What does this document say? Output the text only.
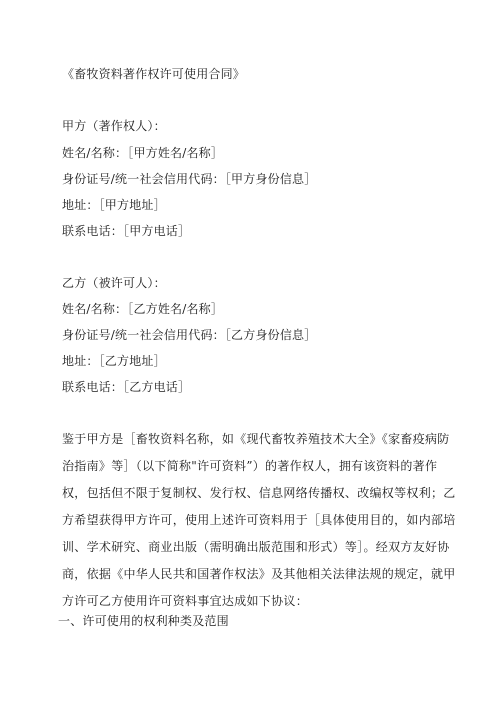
《畜牧资料著作权许可使用合同》
甲方（著作权人）：
姓名/名称：［甲方姓名/名称］
身份证号/统一社会信用代码：［甲方身份信息］
地址：［甲方地址］
联系电话：［甲方电话］
乙方（被许可人）：
姓名/名称：［乙方姓名/名称］
身份证号/统一社会信用代码：［乙方身份信息］
地址：［乙方地址］
联系电话：［乙方电话］
鉴于甲方是［畜牧资料名称，如《现代畜牧养殖技术大全》《家畜疫病防
治指南》等］（以下简称"许可资料”）的著作权人，拥有该资料的著作
权，包括但不限于复制权、发行权、信息网络传播权、改编权等权利；乙
方希望获得甲方许可，使用上述许可资料用于［具体使用目的，如内部培
训、学术研究、商业出版（需明确出版范围和形式）等］。经双方友好协
商，依据《中华人民共和国著作权法》及其他相关法律法规的规定，就甲
方许可乙方使用许可资料事宜达成如下协议：
一、许可使用的权利种类及范围
